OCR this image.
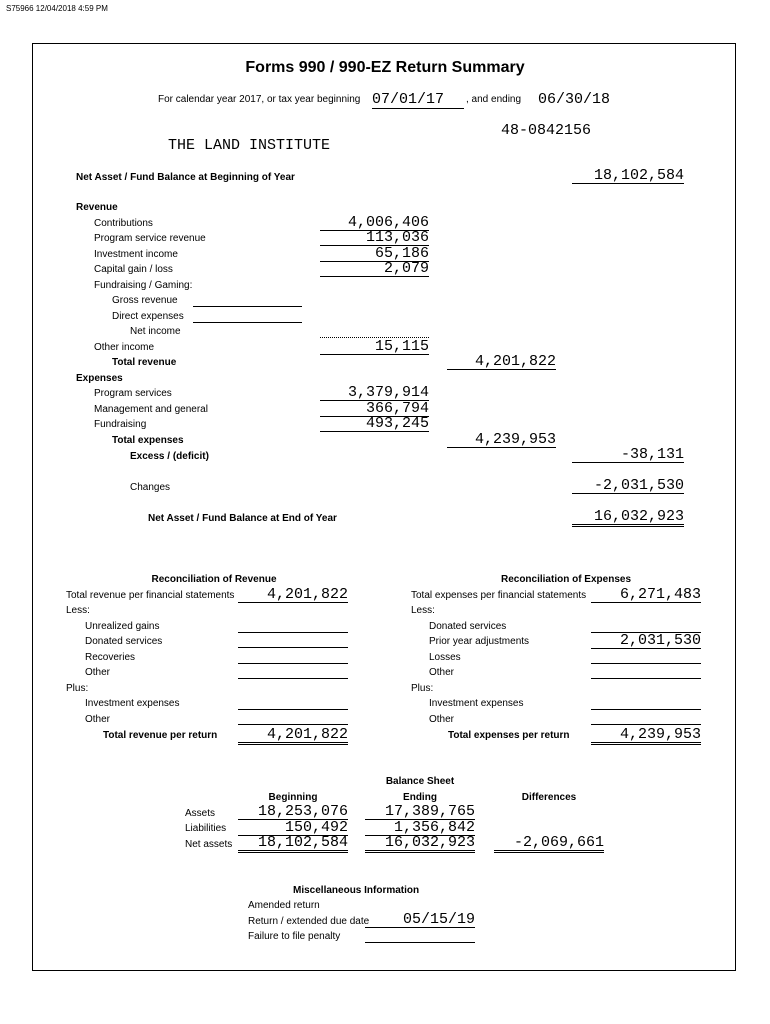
S75966 12/04/2018 4:59 PM
Forms 990 / 990-EZ Return Summary
For calendar year 2017, or tax year beginning 07/01/17 , and ending 06/30/18
48-0842156
THE LAND INSTITUTE
Net Asset / Fund Balance at Beginning of Year	18,102,584
Revenue
Contributions	4,006,406
Program service revenue	113,036
Investment income	65,186
Capital gain / loss	2,079
Fundraising / Gaming:
Gross revenue
Direct expenses
Net income
Other income	15,115
Total revenue	4,201,822
Expenses
Program services	3,379,914
Management and general	366,794
Fundraising	493,245
Total expenses	4,239,953
Excess / (deficit)	-38,131
Changes	-2,031,530
Net Asset / Fund Balance at End of Year	16,032,923
Reconciliation of Revenue
Total revenue per financial statements	4,201,822
Less:
Unrealized gains
Donated services
Recoveries
Other
Plus:
Investment expenses
Other
Total revenue per return	4,201,822
Reconciliation of Expenses
Total expenses per financial statements	6,271,483
Less:
Donated services
Prior year adjustments	2,031,530
Losses
Other
Plus:
Investment expenses
Other
Total expenses per return	4,239,953
Balance Sheet
Beginning	Ending	Differences
Assets	18,253,076	17,389,765
Liabilities	150,492	1,356,842
Net assets	18,102,584	16,032,923	-2,069,661
Miscellaneous Information
Amended return
Return / extended due date	05/15/19
Failure to file penalty
